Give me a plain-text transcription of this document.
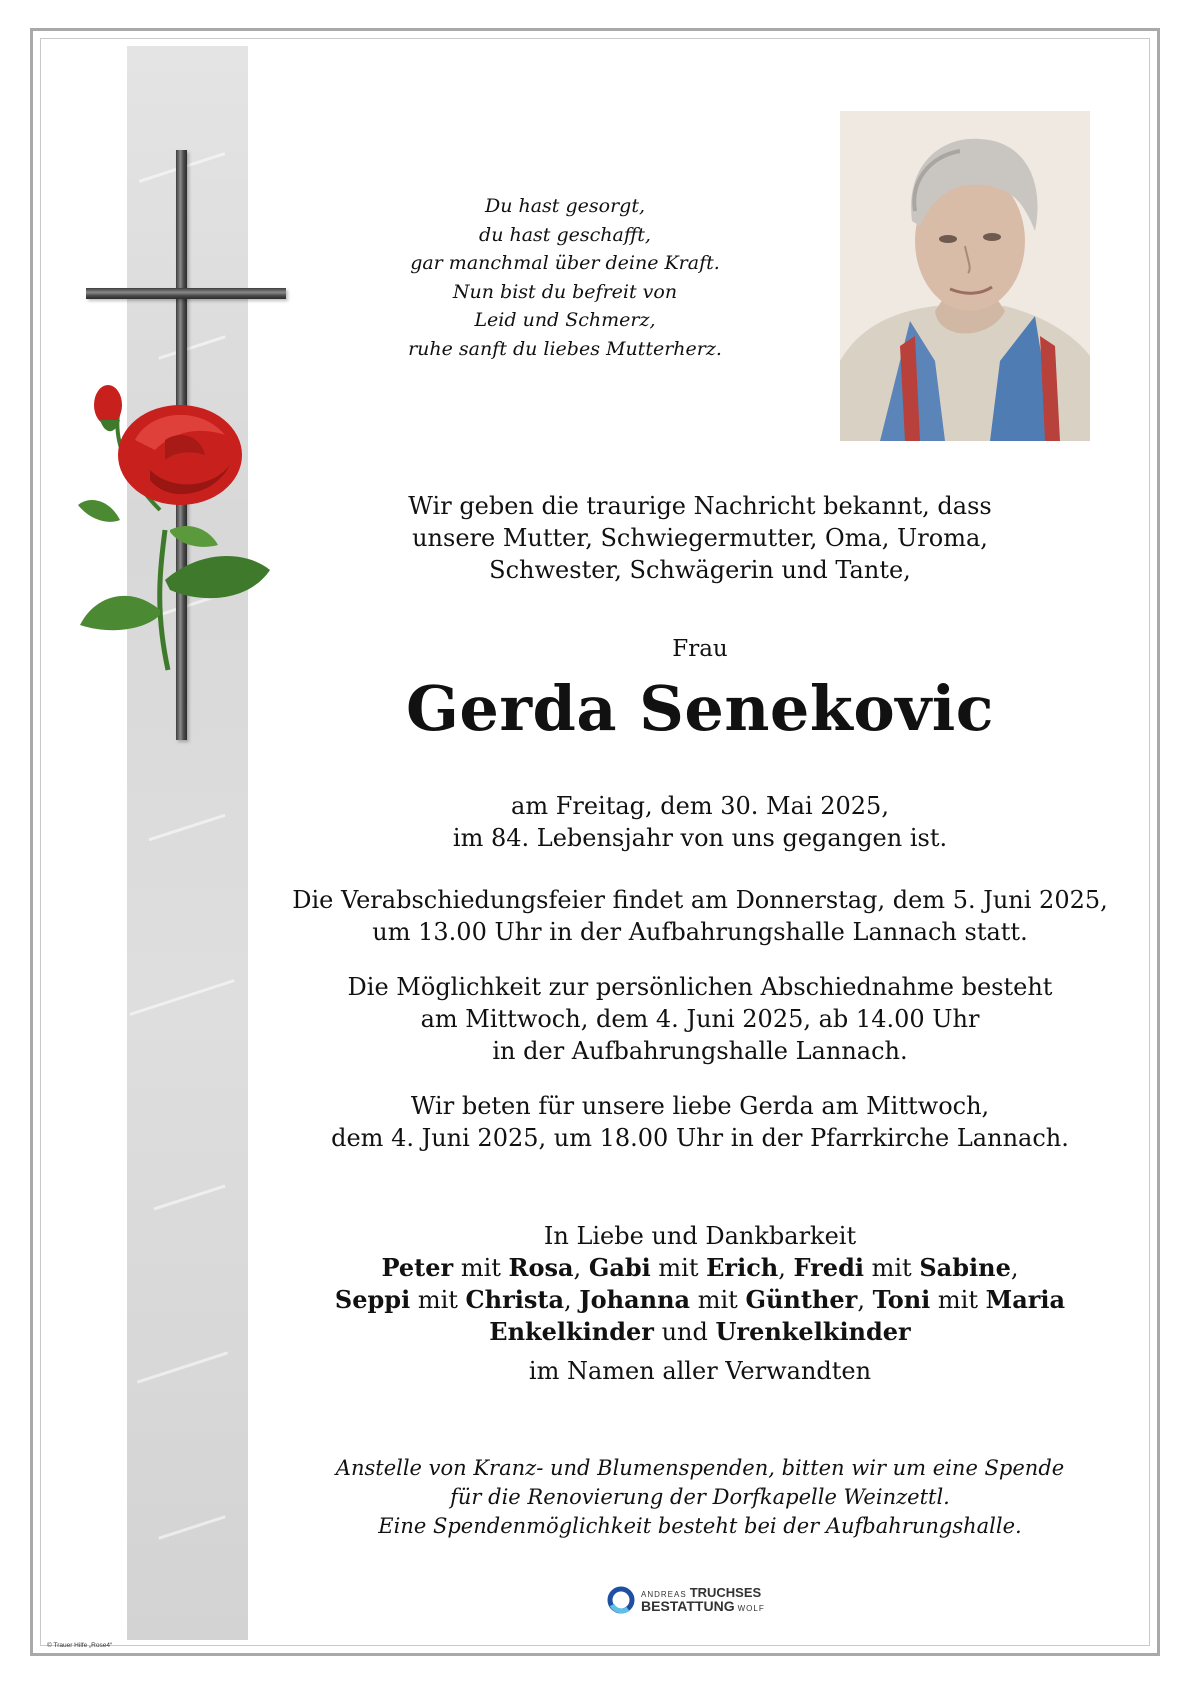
Du hast gesorgt,
du hast geschafft,
gar manchmal über deine Kraft.
Nun bist du befreit von
Leid und Schmerz,
ruhe sanft du liebes Mutterherz.
Wir geben die traurige Nachricht bekannt, dass
unsere Mutter, Schwiegermutter, Oma, Uroma,
Schwester, Schwägerin und Tante,
Frau
Gerda Senekovic
am Freitag, dem 30. Mai 2025,
im 84. Lebensjahr von uns gegangen ist.
Die Verabschiedungsfeier findet am Donnerstag, dem 5. Juni 2025,
um 13.00 Uhr in der Aufbahrungshalle Lannach statt.
Die Möglichkeit zur persönlichen Abschiednahme besteht
am Mittwoch, dem 4. Juni 2025, ab 14.00 Uhr
in der Aufbahrungshalle Lannach.
Wir beten für unsere liebe Gerda am Mittwoch,
dem 4. Juni 2025, um 18.00 Uhr in der Pfarrkirche Lannach.
In Liebe und Dankbarkeit
Peter mit Rosa, Gabi mit Erich, Fredi mit Sabine,
Seppi mit Christa, Johanna mit Günther, Toni mit Maria
Enkelkinder und Urenkelkinder
im Namen aller Verwandten
Anstelle von Kranz- und Blumenspenden, bitten wir um eine Spende
für die Renovierung der Dorfkapelle Weinzettl.
Eine Spendenmöglichkeit besteht bei der Aufbahrungshalle.
ANDREAS TRUCHSES
BESTATTUNG WOLF
© Trauer Hilfe „Rose4“
